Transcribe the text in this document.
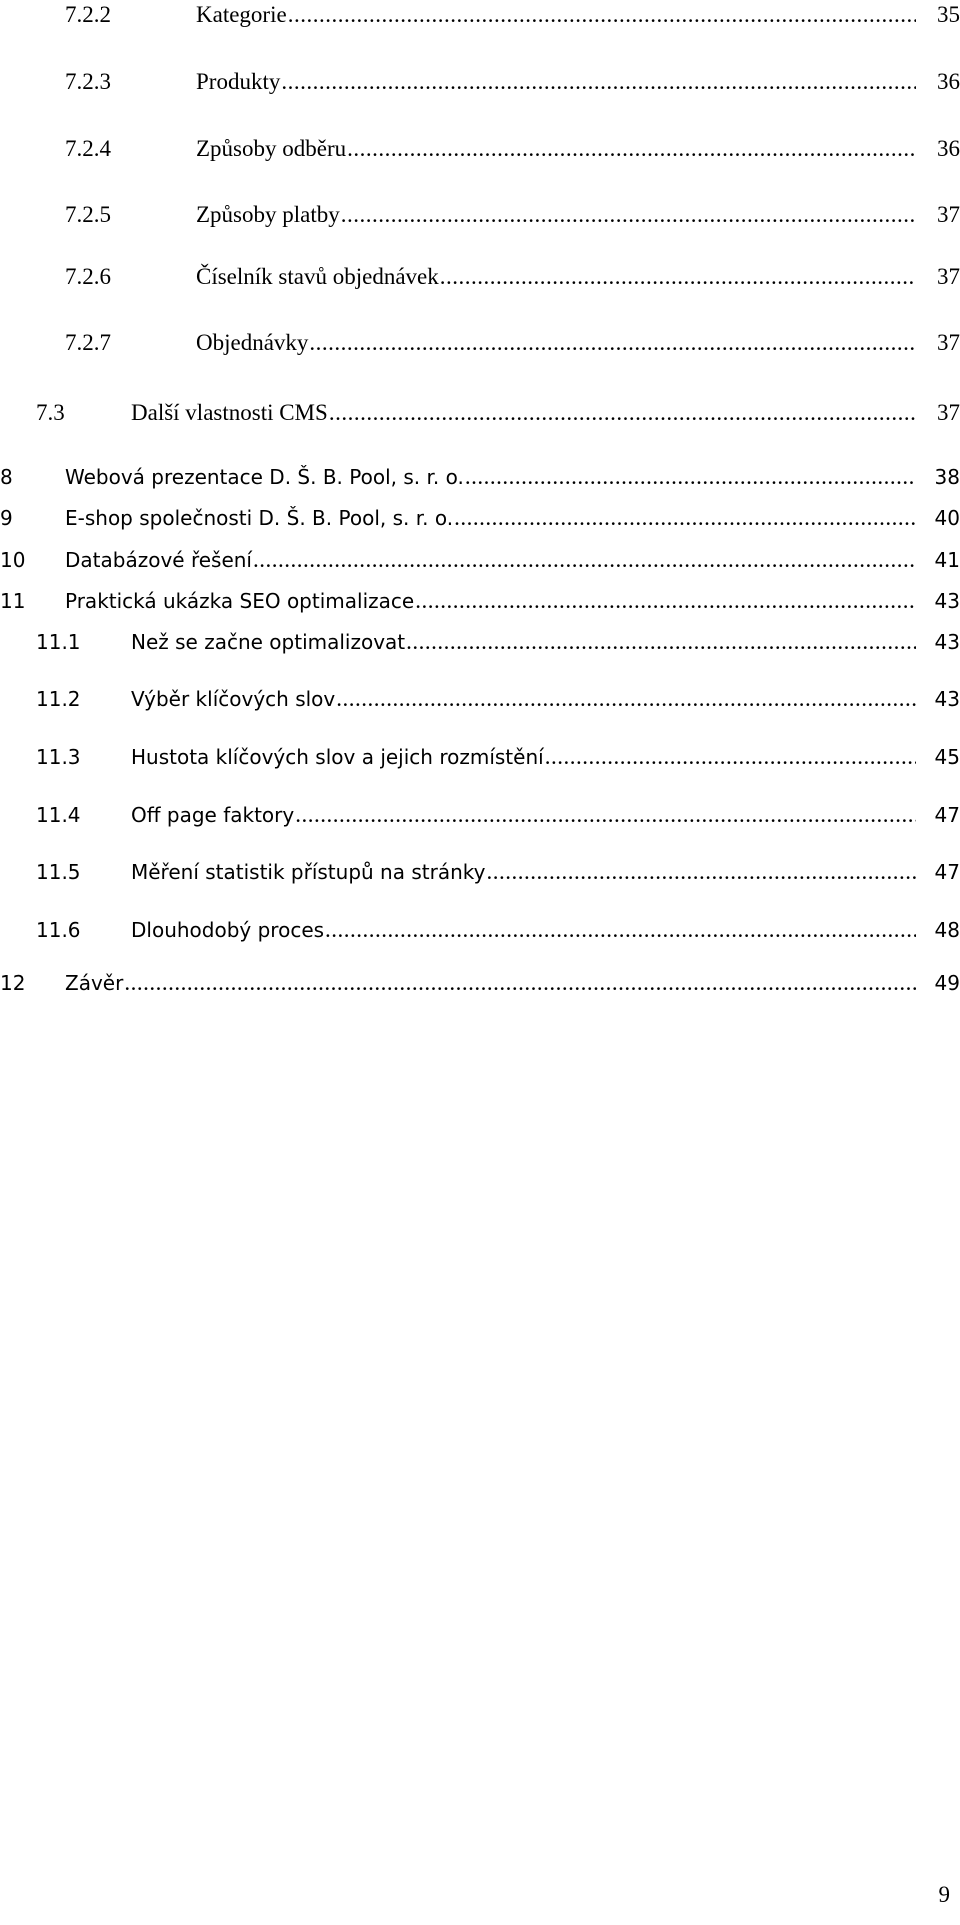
7.2.2	Kategorie .....	35
7.2.3	Produkty .....	36
7.2.4	Způsoby odběru .....	36
7.2.5	Způsoby platby .....	37
7.2.6	Číselník stavů objednávek .....	37
7.2.7	Objednávky .....	37
7.3	Další vlastnosti CMS .....	37
8	Webová prezentace D. Š. B. Pool, s. r. o. .....	38
9	E-shop společnosti D. Š. B. Pool, s. r. o. .....	40
10 Databázové řešení .....	41
11 Praktická ukázka SEO optimalizace .....	43
11.1	Než se začne optimalizovat .....	43
11.2	Výběr klíčových slov .....	43
11.3	Hustota klíčových slov a jejich rozmístění .....	45
11.4	Off page faktory .....	47
11.5	Měření statistik přístupů na stránky .....	47
11.6	Dlouhodobý proces .....	48
12 Závěr .....	49
9
